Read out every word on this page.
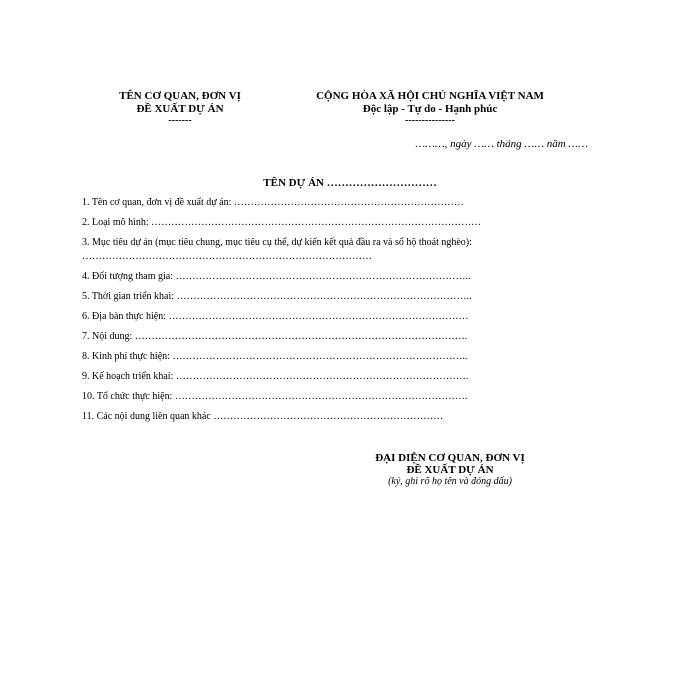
TÊN CƠ QUAN, ĐƠN VỊ
ĐỀ XUẤT DỰ ÁN
-------
CỘNG HÒA XÃ HỘI CHỦ NGHĨA VIỆT NAM
Độc lập - Tự do - Hạnh phúc
---------------
………, ngày …… tháng …… năm ……
TÊN DỰ ÁN …………………………
1. Tên cơ quan, đơn vị đề xuất dự án: ……………………………………………………………
2. Loại mô hình: ………………………………………………………………………………………
3. Mục tiêu dự án (mục tiêu chung, mục tiêu cụ thể, dự kiến kết quả đầu ra và số hộ thoát nghèo):
……………………………………………………………………………
4. Đối tượng tham gia: ……………………………………………………………………………..
5. Thời gian triển khai: ……………………………………………………………………………..
6. Địa bàn thực hiện: ………………………………………………………………………………
7. Nội dung: ……………………………………………………………………………………….
8. Kinh phí thực hiện: ……………………………………………………………………………..
9. Kế hoạch triển khai: …………………………………………………………………………….
10. Tổ chức thực hiện: …………………………………………………………………………….
11. Các nội dung liên quan khác ……………………………………………………………
ĐẠI DIỆN CƠ QUAN, ĐƠN VỊ
ĐỀ XUẤT DỰ ÁN
(ký, ghi rõ họ tên và đóng dấu)
